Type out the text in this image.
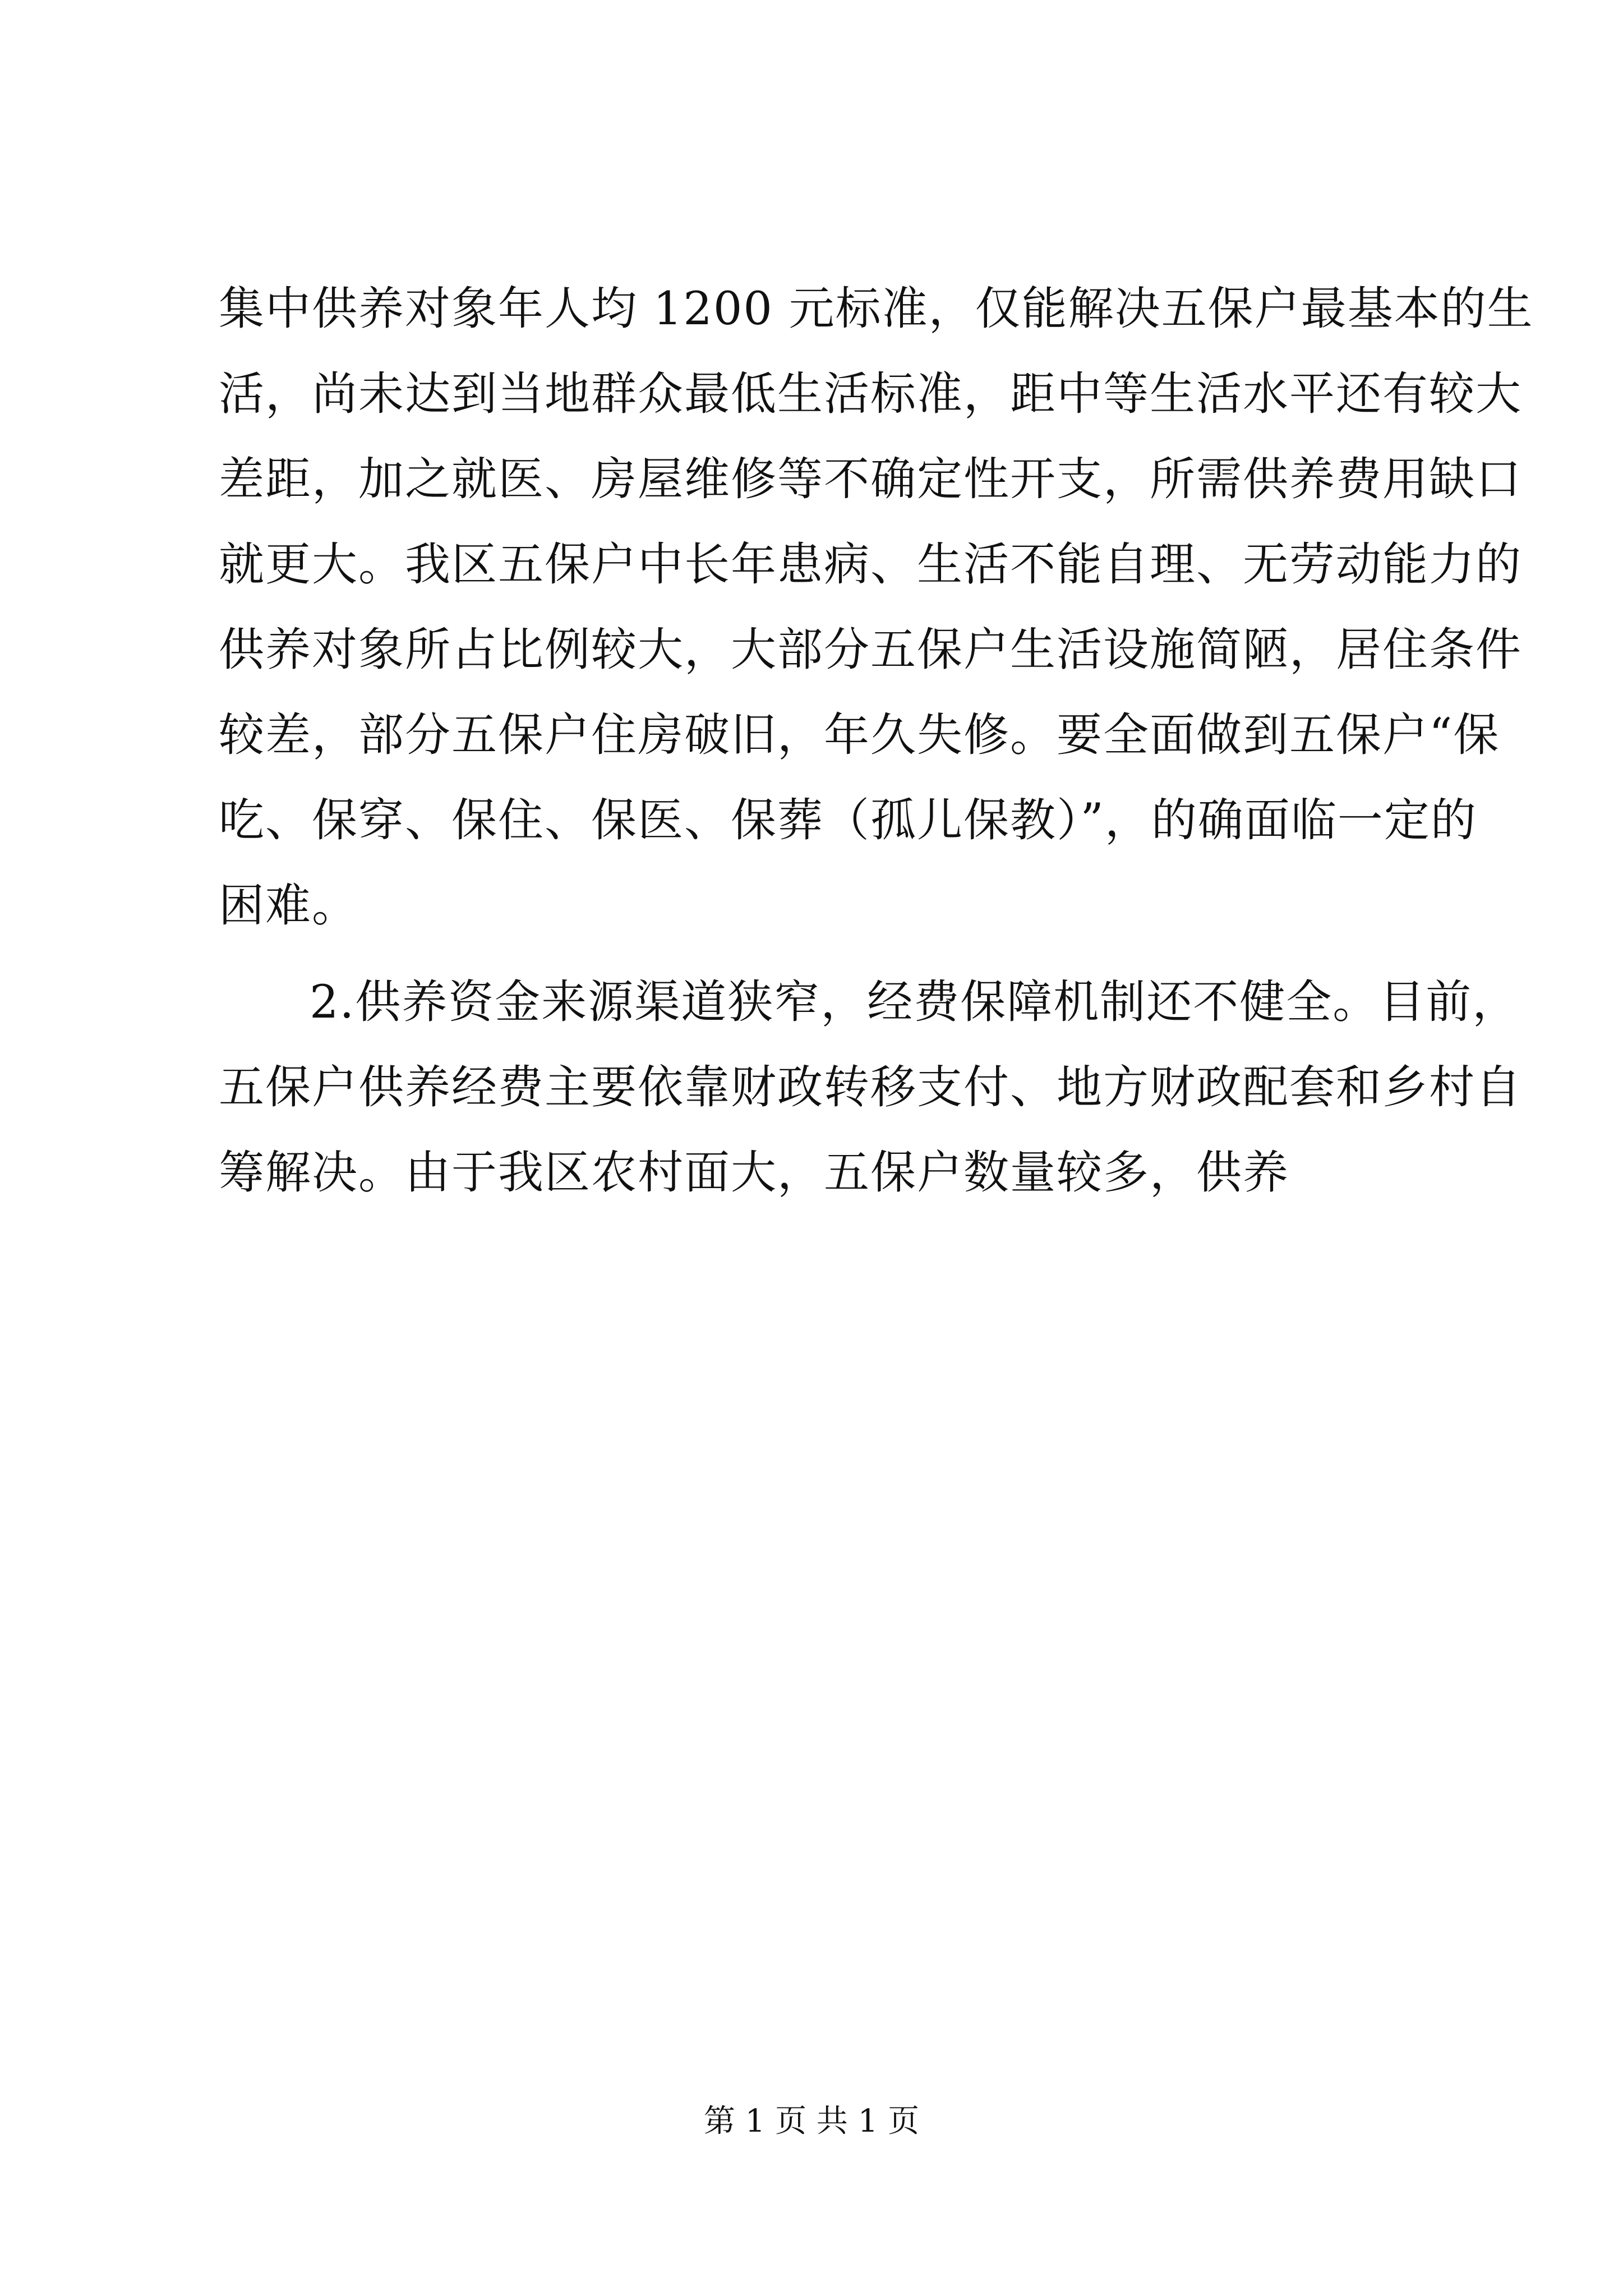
集中供养对象年人均 1200 元标准，仅能解决五保户最基本的生
活，尚未达到当地群众最低生活标准，距中等生活水平还有较大
差距，加之就医、房屋维修等不确定性开支，所需供养费用缺口
就更大。我区五保户中长年患病、生活不能自理、无劳动能力的
供养对象所占比例较大，大部分五保户生活设施简陋，居住条件
较差，部分五保户住房破旧，年久失修。要全面做到五保户“保
吃、保穿、保住、保医、保葬（孤儿保教）”，的确面临一定的
困难。
2.供养资金来源渠道狭窄，经费保障机制还不健全。目前，
五保户供养经费主要依靠财政转移支付、地方财政配套和乡村自
筹解决。由于我区农村面大，五保户数量较多，供养
第 1 页 共 1 页
